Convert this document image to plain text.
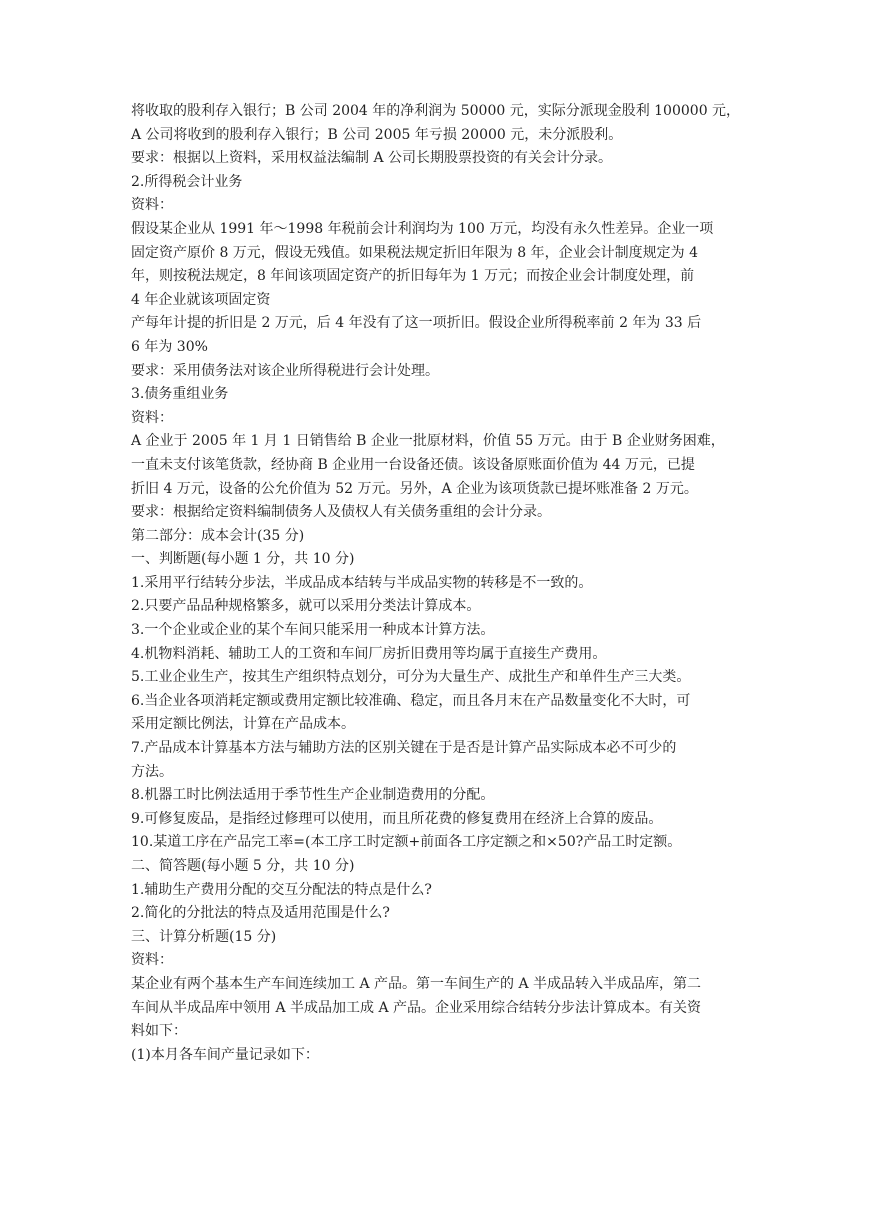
将收取的股利存入银行；B 公司 2004 年的净利润为 50000 元，实际分派现金股利 100000 元，
A 公司将收到的股利存入银行；B 公司 2005 年亏损 20000 元，未分派股利。
要求：根据以上资料，采用权益法编制 A 公司长期股票投资的有关会计分录。
2.所得税会计业务
资料：
假设某企业从 1991 年～1998 年税前会计利润均为 100 万元，均没有永久性差异。企业一项
固定资产原价 8 万元，假设无残值。如果税法规定折旧年限为 8 年，企业会计制度规定为 4
年，则按税法规定，8 年间该项固定资产的折旧每年为 1 万元；而按企业会计制度处理，前
4 年企业就该项固定资
产每年计提的折旧是 2 万元，后 4 年没有了这一项折旧。假设企业所得税率前 2 年为 33 后
6 年为 30%
要求：采用债务法对该企业所得税进行会计处理。
3.债务重组业务
资料：
A 企业于 2005 年 1 月 1 日销售给 B 企业一批原材料，价值 55 万元。由于 B 企业财务困难，
一直未支付该笔货款，经协商 B 企业用一台设备还债。该设备原账面价值为 44 万元，已提
折旧 4 万元，设备的公允价值为 52 万元。另外，A 企业为该项货款已提坏账准备 2 万元。
要求：根据给定资料编制债务人及债权人有关债务重组的会计分录。
第二部分：成本会计(35 分)
一、判断题(每小题 1 分，共 10 分)
1.采用平行结转分步法，半成品成本结转与半成品实物的转移是不一致的。
2.只要产品品种规格繁多，就可以采用分类法计算成本。
3.一个企业或企业的某个车间只能采用一种成本计算方法。
4.机物料消耗、辅助工人的工资和车间厂房折旧费用等均属于直接生产费用。
5.工业企业生产，按其生产组织特点划分，可分为大量生产、成批生产和单件生产三大类。
6.当企业各项消耗定额或费用定额比较准确、稳定，而且各月末在产品数量变化不大时，可
采用定额比例法，计算在产品成本。
7.产品成本计算基本方法与辅助方法的区别关键在于是否是计算产品实际成本必不可少的
方法。
8.机器工时比例法适用于季节性生产企业制造费用的分配。
9.可修复废品，是指经过修理可以使用，而且所花费的修复费用在经济上合算的废品。
10.某道工序在产品完工率=(本工序工时定额+前面各工序定额之和×50?产品工时定额。
二、简答题(每小题 5 分，共 10 分)
1.辅助生产费用分配的交互分配法的特点是什么?
2.简化的分批法的特点及适用范围是什么?
三、计算分析题(15 分)
资料：
某企业有两个基本生产车间连续加工 A 产品。第一车间生产的 A 半成品转入半成品库，第二
车间从半成品库中领用 A 半成品加工成 A 产品。企业采用综合结转分步法计算成本。有关资
料如下：
(1)本月各车间产量记录如下：
